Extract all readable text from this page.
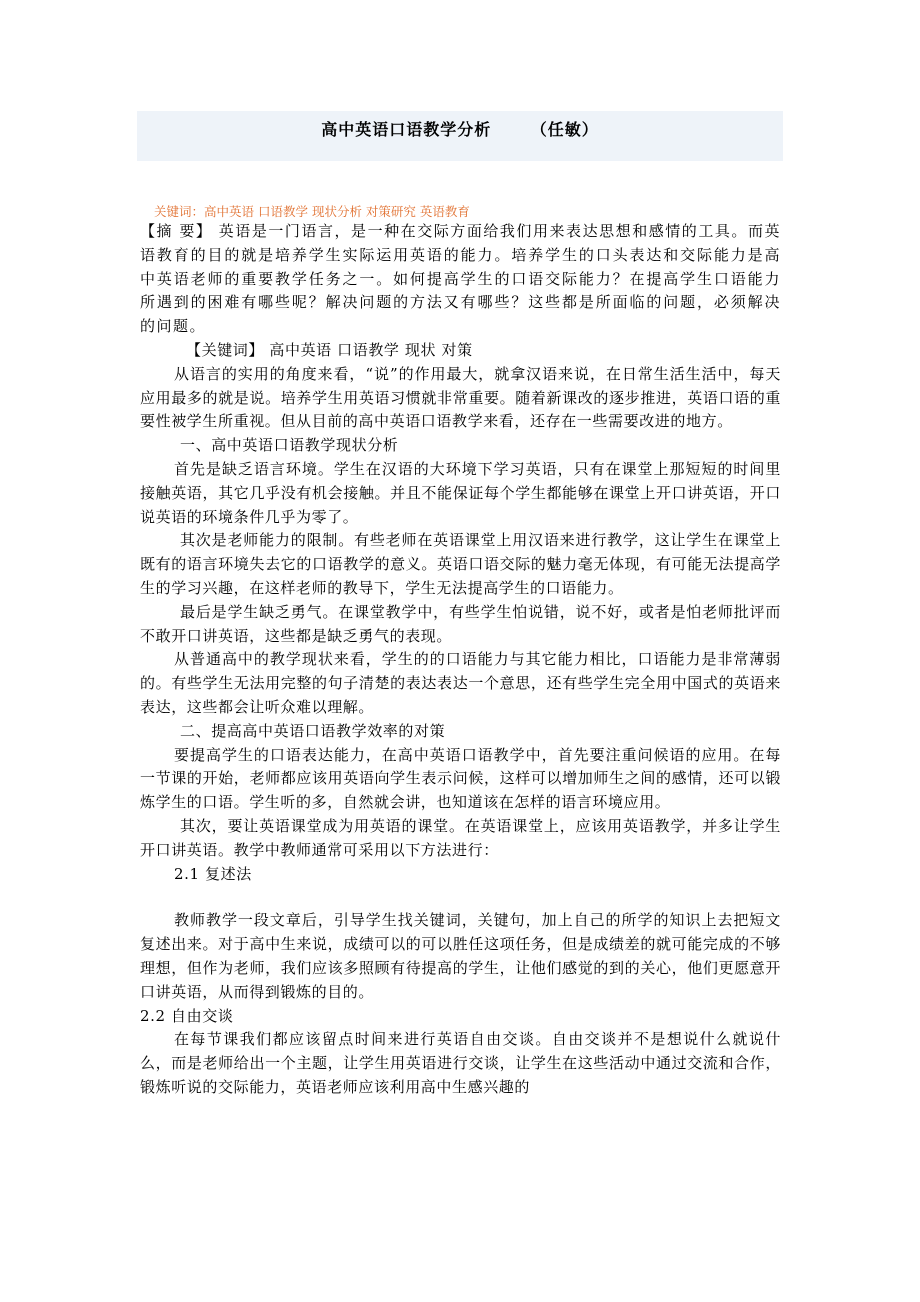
高中英语口语教学分析      （任敏）
关键词：高中英语 口语教学 现状分析 对策研究 英语教育

【摘 要】 英语是一门语言，是一种在交际方面给我们用来表达思想和感情的工具。而英语教育的目的就是培养学生实际运用英语的能力。培养学生的口头表达和交际能力是高中英语老师的重要教学任务之一。如何提高学生的口语交际能力？在提高学生口语能力所遇到的困难有哪些呢？解决问题的方法又有哪些？这些都是所面临的问题，必须解决的问题。

【关键词】 高中英语 口语教学 现状 对策

从语言的实用的角度来看，“说”的作用最大，就拿汉语来说，在日常生活生活中，每天应用最多的就是说。培养学生用英语习惯就非常重要。随着新课改的逐步推进，英语口语的重要性被学生所重视。但从目前的高中英语口语教学来看，还存在一些需要改进的地方。

一、高中英语口语教学现状分析

首先是缺乏语言环境。学生在汉语的大环境下学习英语，只有在课堂上那短短的时间里接触英语，其它几乎没有机会接触。并且不能保证每个学生都能够在课堂上开口讲英语，开口说英语的环境条件几乎为零了。

其次是老师能力的限制。有些老师在英语课堂上用汉语来进行教学，这让学生在课堂上既有的语言环境失去它的口语教学的意义。英语口语交际的魅力毫无体现，有可能无法提高学生的学习兴趣，在这样老师的教导下，学生无法提高学生的口语能力。

最后是学生缺乏勇气。在课堂教学中，有些学生怕说错，说不好，或者是怕老师批评而不敢开口讲英语，这些都是缺乏勇气的表现。

从普通高中的教学现状来看，学生的的口语能力与其它能力相比，口语能力是非常薄弱的。有些学生无法用完整的句子清楚的表达表达一个意思，还有些学生完全用中国式的英语来表达，这些都会让听众难以理解。

二、提高高中英语口语教学效率的对策

要提高学生的口语表达能力，在高中英语口语教学中，首先要注重问候语的应用。在每一节课的开始，老师都应该用英语向学生表示问候，这样可以增加师生之间的感情，还可以锻炼学生的口语。学生听的多，自然就会讲，也知道该在怎样的语言环境应用。

其次，要让英语课堂成为用英语的课堂。在英语课堂上，应该用英语教学，并多让学生开口讲英语。教学中教师通常可采用以下方法进行：

2.1 复述法

教师教学一段文章后，引导学生找关键词，关键句，加上自己的所学的知识上去把短文复述出来。对于高中生来说，成绩可以的可以胜任这项任务，但是成绩差的就可能完成的不够理想，但作为老师，我们应该多照顾有待提高的学生，让他们感觉的到的关心，他们更愿意开口讲英语，从而得到锻炼的目的。

2.2 自由交谈

在每节课我们都应该留点时间来进行英语自由交谈。自由交谈并不是想说什么就说什么，而是老师给出一个主题，让学生用英语进行交谈，让学生在这些活动中通过交流和合作，锻炼听说的交际能力，英语老师应该利用高中生感兴趣的
